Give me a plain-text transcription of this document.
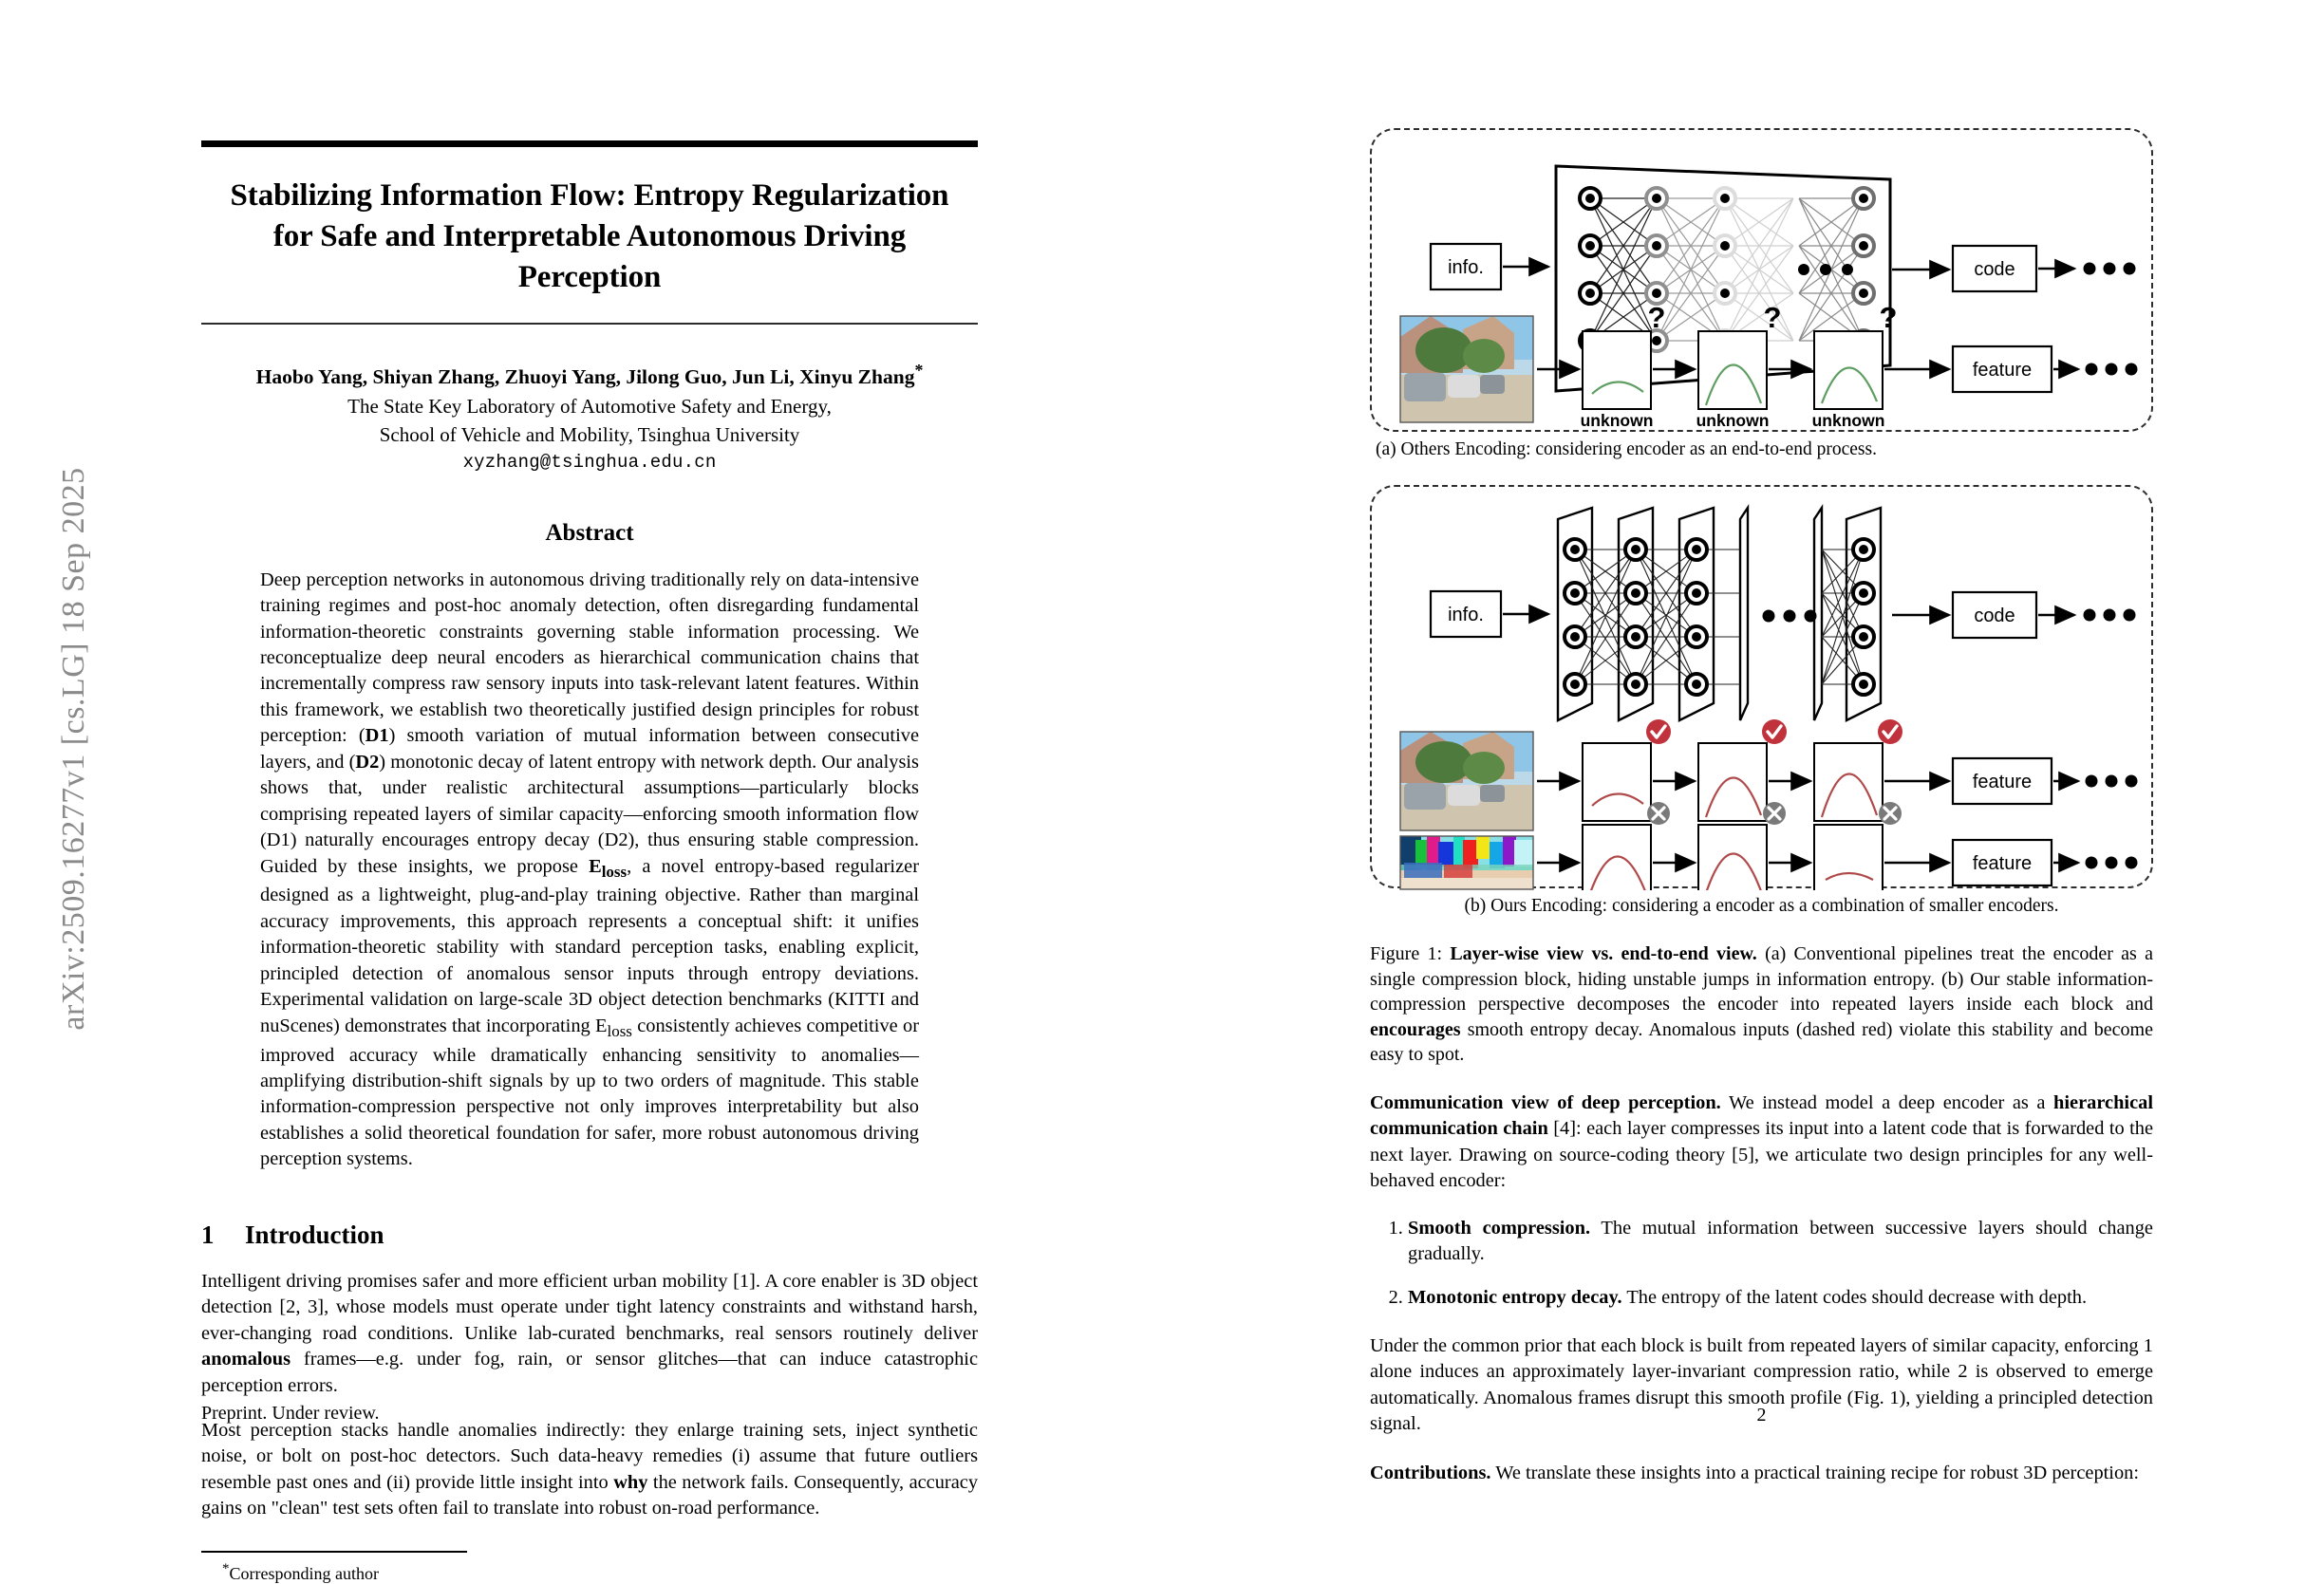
arXiv:2509.16277v1 [cs.LG] 18 Sep 2025
Stabilizing Information Flow: Entropy Regularization for Safe and Interpretable Autonomous Driving Perception
Haobo Yang, Shiyan Zhang, Zhuoyi Yang, Jilong Guo, Jun Li, Xinyu Zhang*
The State Key Laboratory of Automotive Safety and Energy,
School of Vehicle and Mobility, Tsinghua University
xyzhang@tsinghua.edu.cn
Abstract
Deep perception networks in autonomous driving traditionally rely on data-intensive training regimes and post-hoc anomaly detection, often disregarding fundamental information-theoretic constraints governing stable information processing. We reconceptualize deep neural encoders as hierarchical communication chains that incrementally compress raw sensory inputs into task-relevant latent features. Within this framework, we establish two theoretically justified design principles for robust perception: (D1) smooth variation of mutual information between consecutive layers, and (D2) monotonic decay of latent entropy with network depth. Our analysis shows that, under realistic architectural assumptions—particularly blocks comprising repeated layers of similar capacity—enforcing smooth information flow (D1) naturally encourages entropy decay (D2), thus ensuring stable compression. Guided by these insights, we propose $E_{loss}$, a novel entropy-based regularizer designed as a lightweight, plug-and-play training objective. Rather than marginal accuracy improvements, this approach represents a conceptual shift: it unifies information-theoretic stability with standard perception tasks, enabling explicit, principled detection of anomalous sensor inputs through entropy deviations. Experimental validation on large-scale 3D object detection benchmarks (KITTI and nuScenes) demonstrates that incorporating $E_{loss}$ consistently achieves competitive or improved accuracy while dramatically enhancing sensitivity to anomalies—amplifying distribution-shift signals by up to two orders of magnitude. This stable information-compression perspective not only improves interpretability but also establishes a solid theoretical foundation for safer, more robust autonomous driving perception systems.
1 Introduction
Intelligent driving promises safer and more efficient urban mobility [1]. A core enabler is 3D object detection [2, 3], whose models must operate under tight latency constraints and withstand harsh, ever-changing road conditions. Unlike lab-curated benchmarks, real sensors routinely deliver anomalous frames—e.g. under fog, rain, or sensor glitches—that can induce catastrophic perception errors.
Most perception stacks handle anomalies indirectly: they enlarge training sets, inject synthetic noise, or bolt on post-hoc detectors. Such data-heavy remedies (i) assume that future outliers resemble past ones and (ii) provide little insight into why the network fails. Consequently, accuracy gains on "clean" test sets often fail to translate into robust on-road performance.
*Corresponding author
Preprint. Under review.
info.	code
feature
?	?	?
unknown	unknown	unknown
(a) Others Encoding: considering encoder as an end-to-end process.
info.	code
feature
feature
(b) Ours Encoding: considering a encoder as a combination of smaller encoders.
Figure 1: Layer-wise view vs. end-to-end view. (a) Conventional pipelines treat the encoder as a single compression block, hiding unstable jumps in information entropy. (b) Our stable information-compression perspective decomposes the encoder into repeated layers inside each block and encourages smooth entropy decay. Anomalous inputs (dashed red) violate this stability and become easy to spot.
Communication view of deep perception. We instead model a deep encoder as a hierarchical communication chain [4]: each layer compresses its input into a latent code that is forwarded to the next layer. Drawing on source-coding theory [5], we articulate two design principles for any well-behaved encoder:
1. Smooth compression. The mutual information between successive layers should change gradually.
2. Monotonic entropy decay. The entropy of the latent codes should decrease with depth.
Under the common prior that each block is built from repeated layers of similar capacity, enforcing 1 alone induces an approximately layer-invariant compression ratio, while 2 is observed to emerge automatically. Anomalous frames disrupt this smooth profile (Fig. 1), yielding a principled detection signal.
Contributions. We translate these insights into a practical training recipe for robust 3D perception:
2
